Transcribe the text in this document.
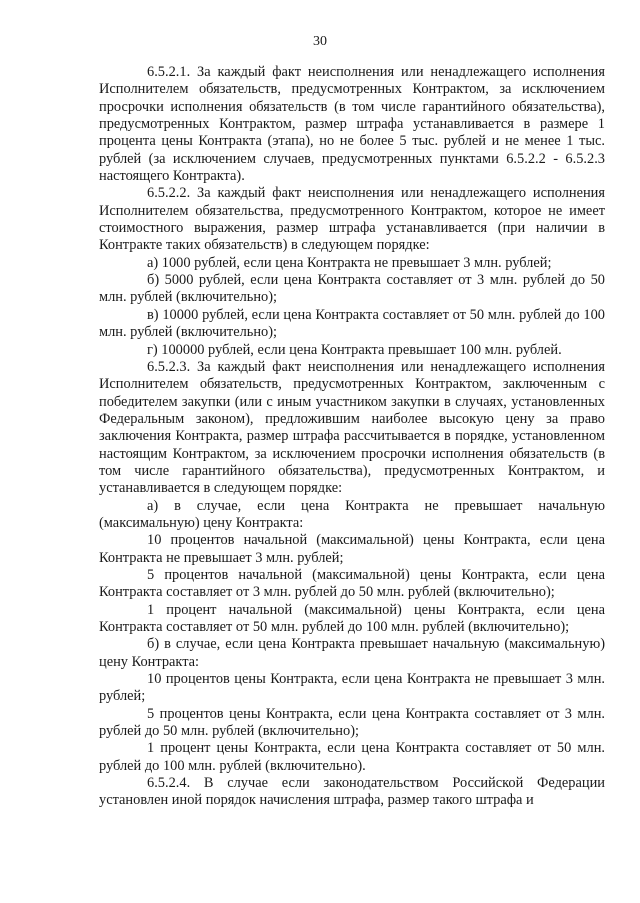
30

6.5.2.1. За каждый факт неисполнения или ненадлежащего исполнения Исполнителем обязательств, предусмотренных Контрактом, за исключением просрочки исполнения обязательств (в том числе гарантийного обязательства), предусмотренных Контрактом, размер штрафа устанавливается в размере 1 процента цены Контракта (этапа), но не более 5 тыс. рублей и не менее 1 тыс. рублей (за исключением случаев, предусмотренных пунктами 6.5.2.2 - 6.5.2.3 настоящего Контракта).

6.5.2.2. За каждый факт неисполнения или ненадлежащего исполнения Исполнителем обязательства, предусмотренного Контрактом, которое не имеет стоимостного выражения, размер штрафа устанавливается (при наличии в Контракте таких обязательств) в следующем порядке:

а) 1000 рублей, если цена Контракта не превышает 3 млн. рублей;

б) 5000 рублей, если цена Контракта составляет от 3 млн. рублей до 50 млн. рублей (включительно);

в) 10000 рублей, если цена Контракта составляет от 50 млн. рублей до 100 млн. рублей (включительно);

г) 100000 рублей, если цена Контракта превышает 100 млн. рублей.

6.5.2.3. За каждый факт неисполнения или ненадлежащего исполнения Исполнителем обязательств, предусмотренных Контрактом, заключенным с победителем закупки (или с иным участником закупки в случаях, установленных Федеральным законом), предложившим наиболее высокую цену за право заключения Контракта, размер штрафа рассчитывается в порядке, установленном настоящим Контрактом, за исключением просрочки исполнения обязательств (в том числе гарантийного обязательства), предусмотренных Контрактом, и устанавливается в следующем порядке:

а) в случае, если цена Контракта не превышает начальную (максимальную) цену Контракта:

10 процентов начальной (максимальной) цены Контракта, если цена Контракта не превышает 3 млн. рублей;

5 процентов начальной (максимальной) цены Контракта, если цена Контракта составляет от 3 млн. рублей до 50 млн. рублей (включительно);

1 процент начальной (максимальной) цены Контракта, если цена Контракта составляет от 50 млн. рублей до 100 млн. рублей (включительно);

б) в случае, если цена Контракта превышает начальную (максимальную) цену Контракта:

10 процентов цены Контракта, если цена Контракта не превышает 3 млн. рублей;

5 процентов цены Контракта, если цена Контракта составляет от 3 млн. рублей до 50 млн. рублей (включительно);

1 процент цены Контракта, если цена Контракта составляет от 50 млн. рублей до 100 млн. рублей (включительно).

6.5.2.4. В случае если законодательством Российской Федерации установлен иной порядок начисления штрафа, размер такого штрафа и
